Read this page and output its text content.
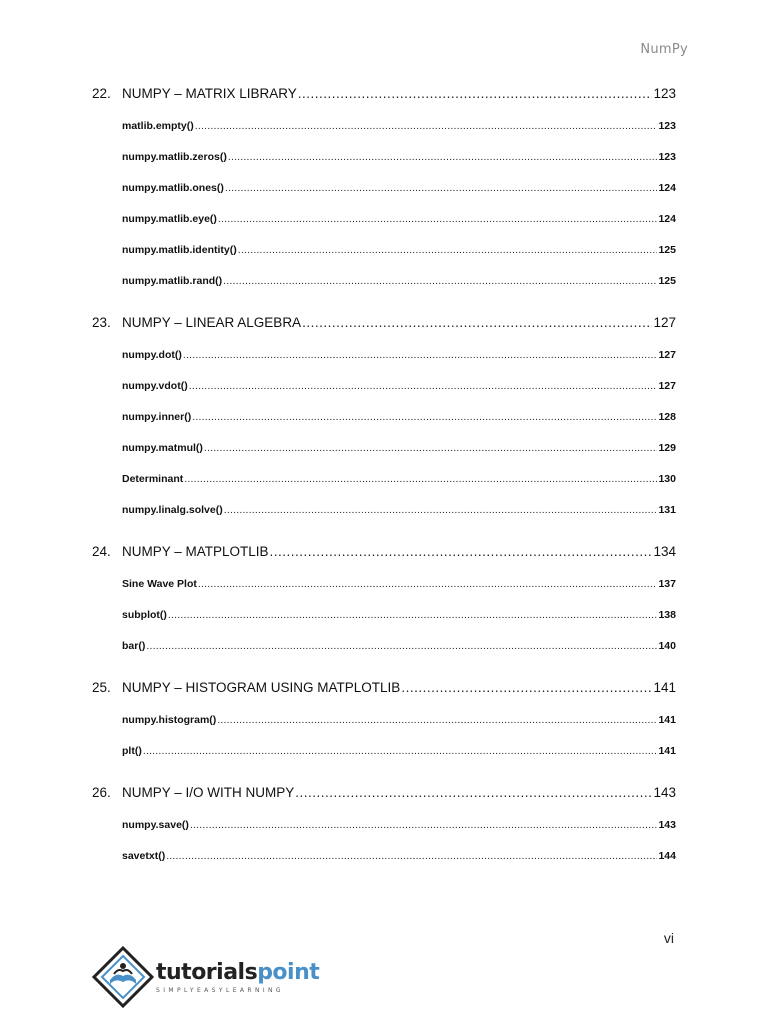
NumPy
22. NUMPY – MATRIX LIBRARY .....	123
matlib.empty() .....	123
numpy.matlib.zeros() .....	123
numpy.matlib.ones() .....	124
numpy.matlib.eye() .....	124
numpy.matlib.identity() .....	125
numpy.matlib.rand() .....	125
23. NUMPY – LINEAR ALGEBRA .....	127
numpy.dot() .....	127
numpy.vdot() .....	127
numpy.inner() .....	128
numpy.matmul() .....	129
Determinant .....	130
numpy.linalg.solve() .....	131
24. NUMPY – MATPLOTLIB .....	134
Sine Wave Plot .....	137
subplot() .....	138
bar() .....	140
25. NUMPY – HISTOGRAM USING MATPLOTLIB .....	141
numpy.histogram() .....	141
plt() .....	141
26. NUMPY – I/O WITH NUMPY .....	143
numpy.save() .....	143
savetxt() .....	144
vi
tutorialspoint
SIMPLYEASYLEARNING
